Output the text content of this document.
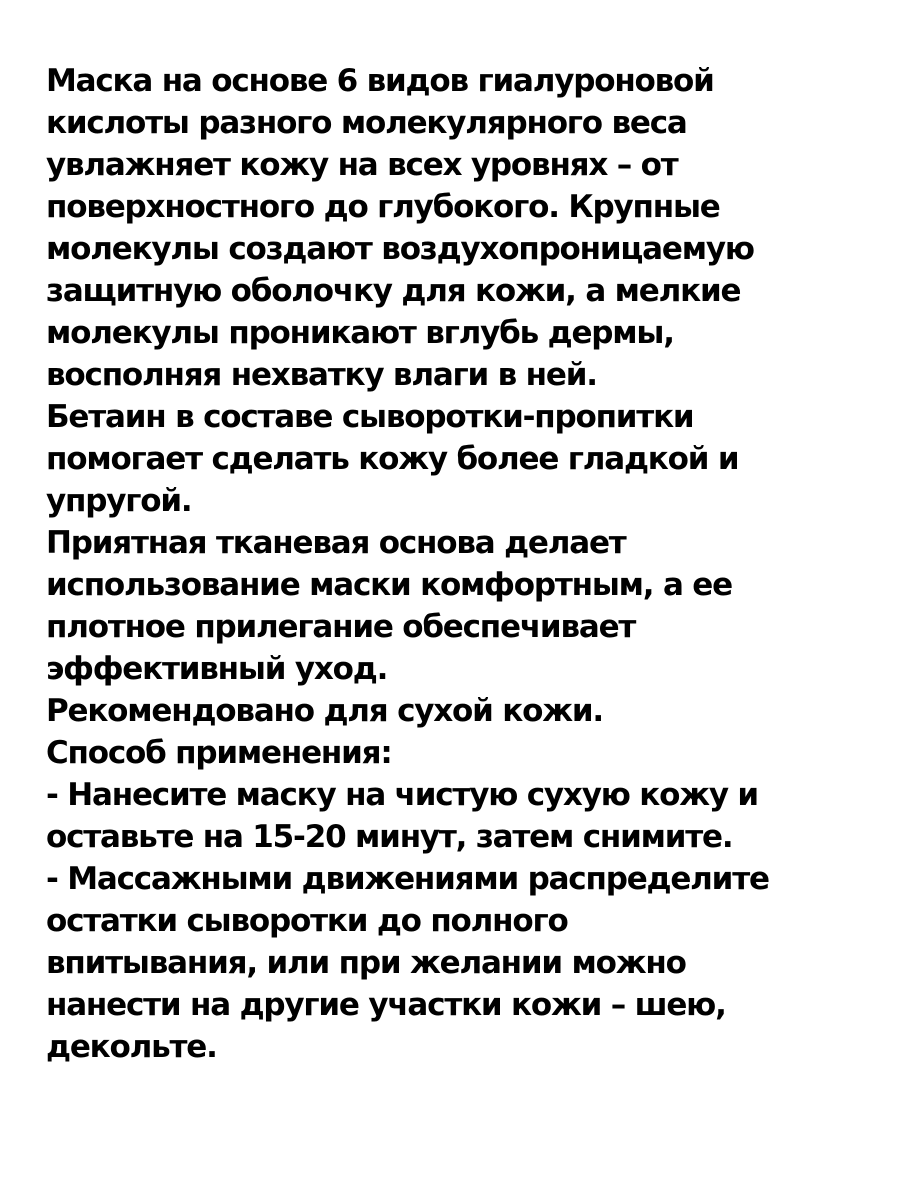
Маска на основе 6 видов гиалуроновой
кислоты разного молекулярного веса
увлажняет кожу на всех уровнях – от
поверхностного до глубокого. Крупные
молекулы создают воздухопроницаемую
защитную оболочку для кожи, а мелкие
молекулы проникают вглубь дермы,
восполняя нехватку влаги в ней.
Бетаин в составе сыворотки-пропитки
помогает сделать кожу более гладкой и
упругой.
Приятная тканевая основа делает
использование маски комфортным, а ее
плотное прилегание обеспечивает
эффективный уход.
Рекомендовано для сухой кожи.
Способ применения:
- Нанесите маску на чистую сухую кожу и
оставьте на 15-20 минут, затем снимите.
- Массажными движениями распределите
остатки сыворотки до полного
впитывания, или при желании можно
нанести на другие участки кожи – шею,
декольте.
